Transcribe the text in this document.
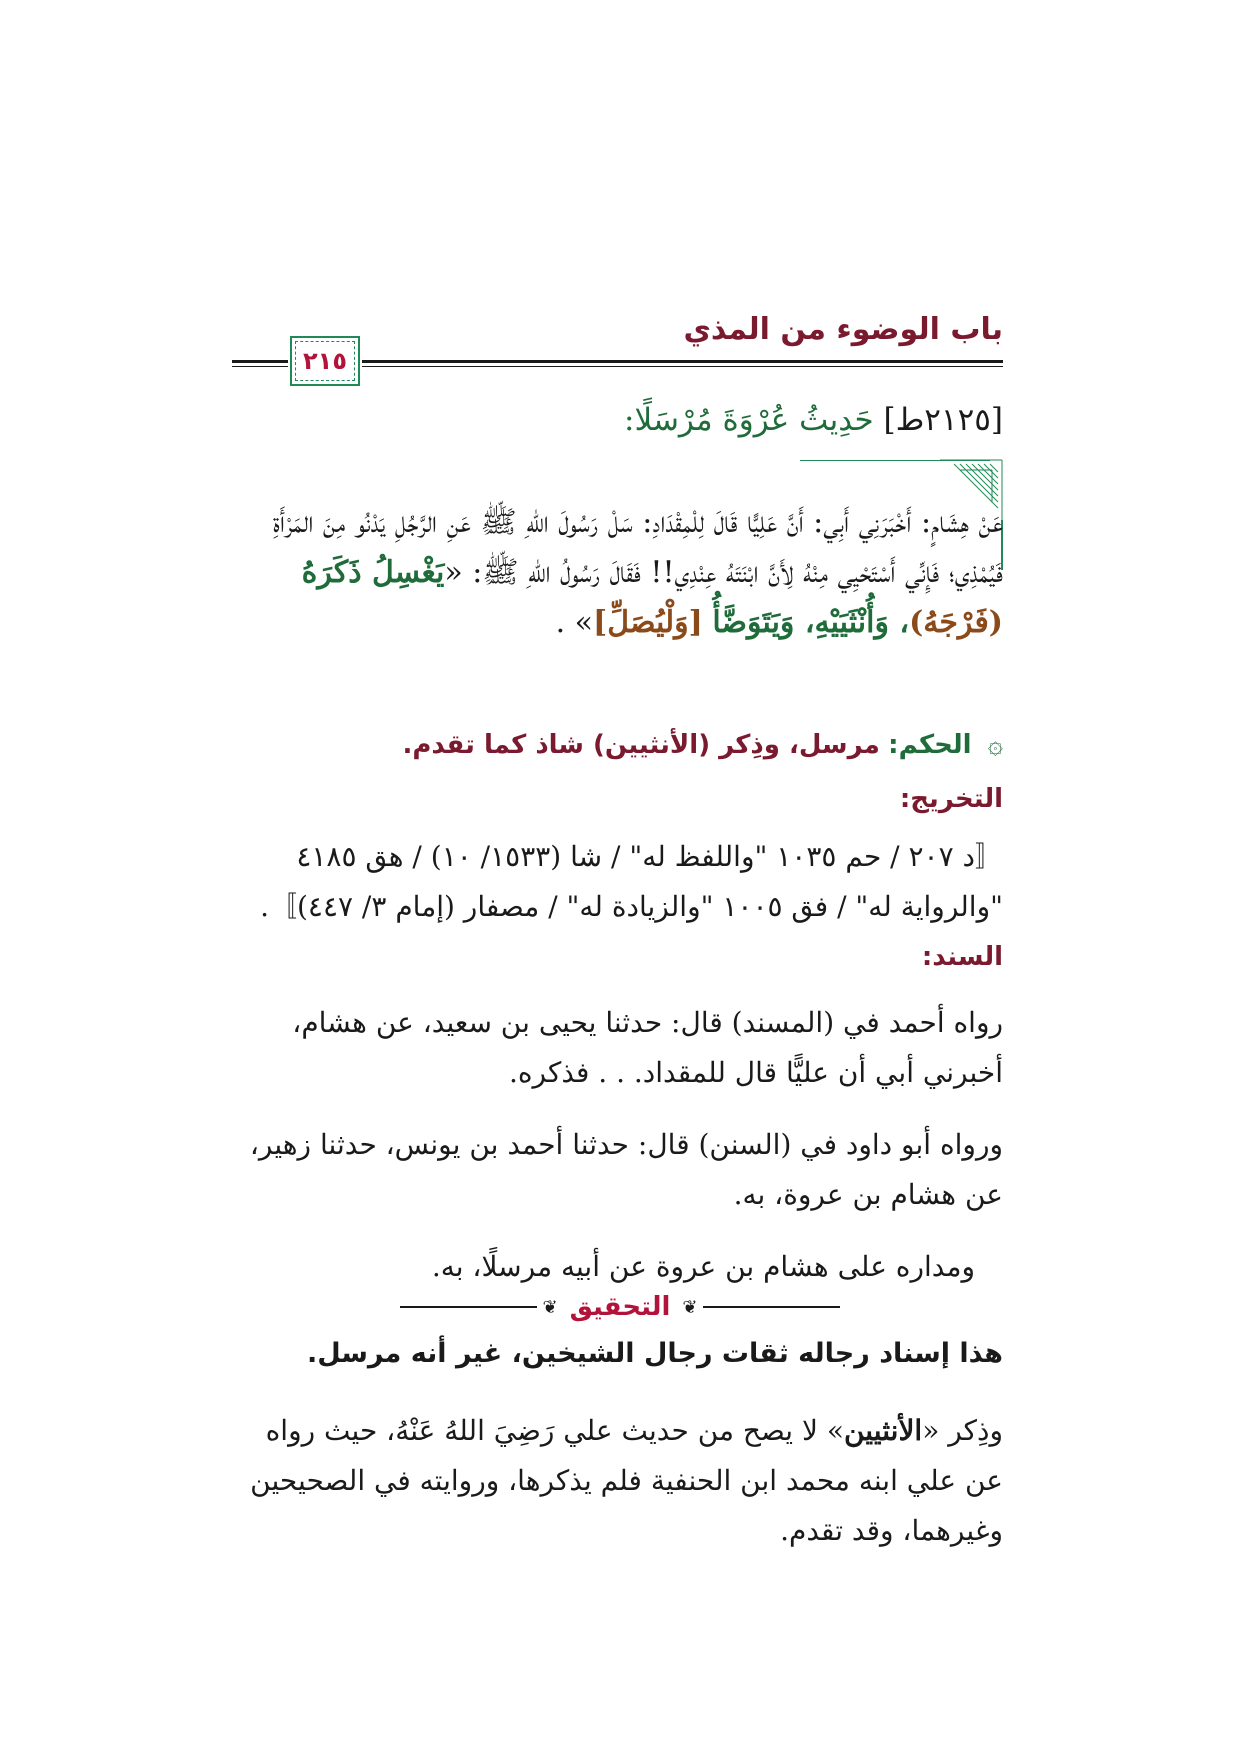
باب الوضوء من المذي
٢١٥
[٢١٢٥ط] حَدِيثُ عُرْوَةَ مُرْسَلًا:

عَنْ هِشَامٍ: أَخْبَرَنِي أَبِي: أَنَّ عَلِيًّا قَالَ لِلْمِقْدَادِ: سَلْ رَسُولَ اللهِ ﷺ عَنِ الرَّجُلِ يَدْنُو مِنَ المَرْأَةِ فَيُمْذِي؛ فَإِنِّي أَسْتَحْيِي مِنْهُ لِأَنَّ ابْنَتَهُ عِنْدِي!! فَقَالَ رَسُولُ اللهِ ﷺ: «يَغْسِلُ ذَكَرَهُ (فَرْجَهُ)، وَأُنْثَيَيْهِ، وَيَتَوَضَّأُ [وَلْيُصَلِّ]» .

۞ الحكم: مرسل، وذِكر (الأنثيين) شاذ كما تقدم.
التخريج:

〚د ٢٠٧ / حم ١٠٣٥ "واللفظ له" / شا (١٥٣٣/ ١٠) / هق ٤١٨٥ "والرواية له" / فق ١٠٠٥ "والزيادة له" / مصفار (إمام ٣/ ٤٤٧)〛.

السند:

رواه أحمد في (المسند) قال: حدثنا يحيى بن سعيد، عن هشام، أخبرني أبي أن عليًّا قال للمقداد. . . فذكره.

ورواه أبو داود في (السنن) قال: حدثنا أحمد بن يونس، حدثنا زهير، عن هشام بن عروة، به.

ومداره على هشام بن عروة عن أبيه مرسلًا، به.

❦
التحقيق
❦
هذا إسناد رجاله ثقات رجال الشيخين، غير أنه مرسل.

وذِكر «الأنثيين» لا يصح من حديث علي رَضِيَ اللهُ عَنْهُ، حيث رواه عن علي ابنه محمد ابن الحنفية فلم يذكرها، وروايته في الصحيحين وغيرهما، وقد تقدم.
